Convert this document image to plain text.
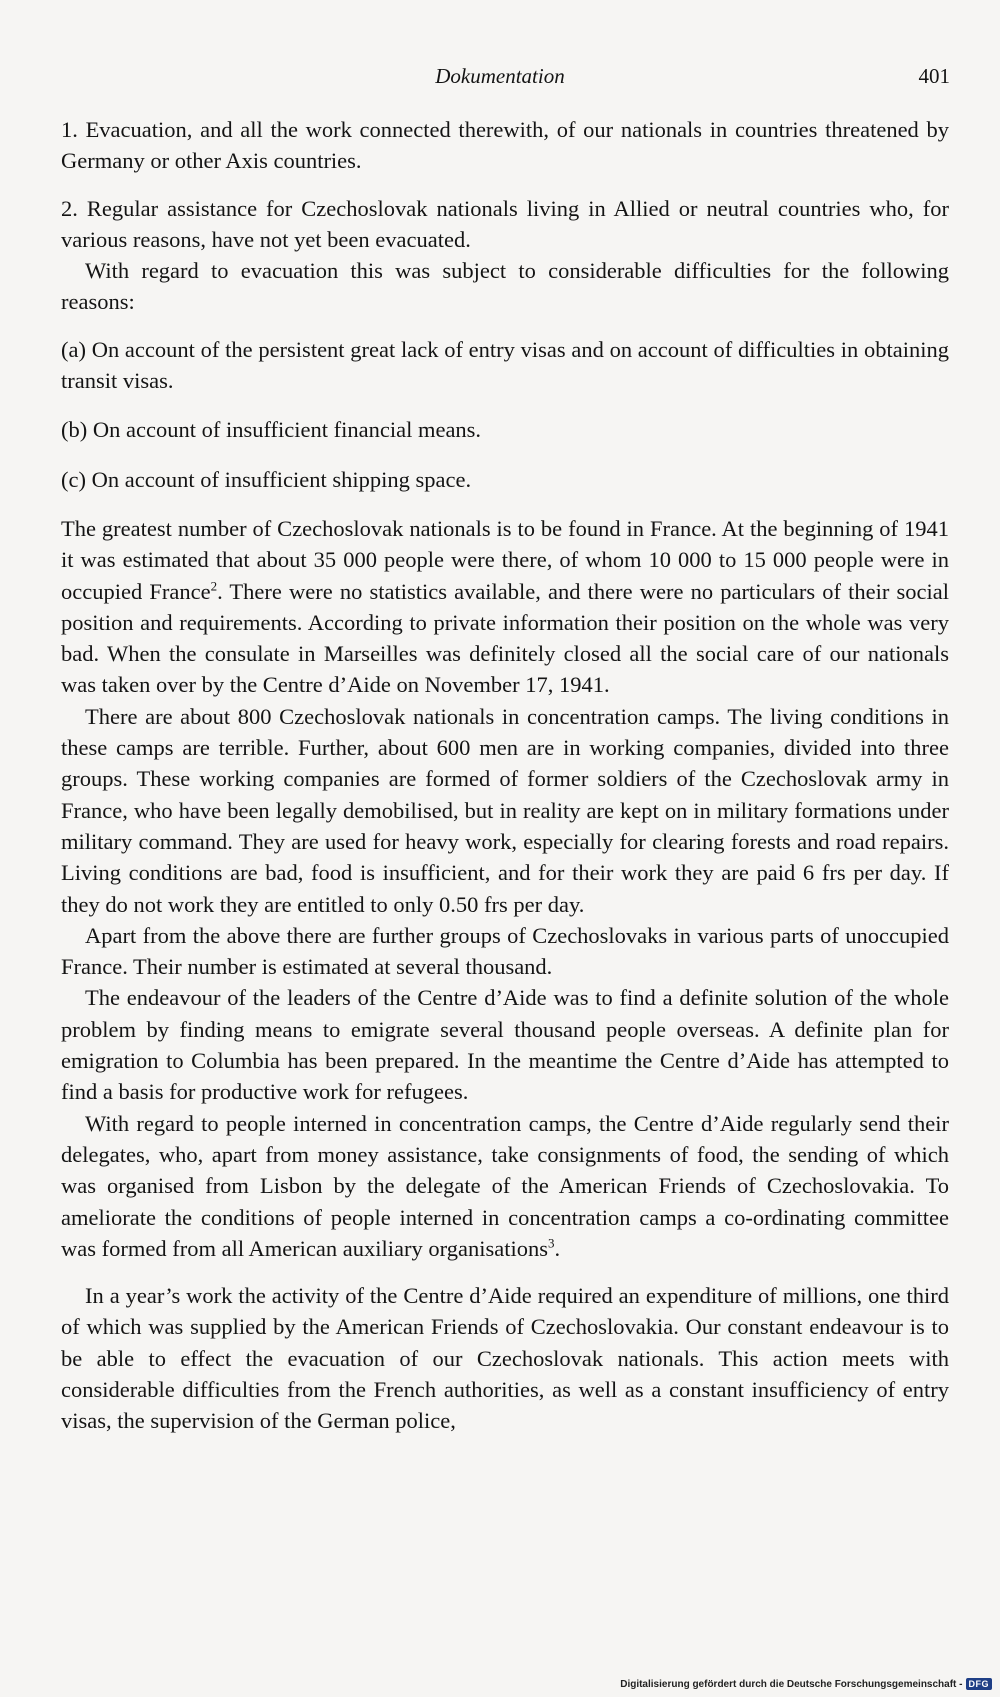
Dokumentation	401

1. Evacuation, and all the work connected therewith, of our nationals in countries threatened by Germany or other Axis countries.

2. Regular assistance for Czechoslovak nationals living in Allied or neutral countries who, for various reasons, have not yet been evacuated.

With regard to evacuation this was subject to considerable difficulties for the following reasons:

(a) On account of the persistent great lack of entry visas and on account of difficulties in obtaining transit visas.

(b) On account of insufficient financial means.

(c) On account of insufficient shipping space.

The greatest number of Czechoslovak nationals is to be found in France. At the beginning of 1941 it was estimated that about 35 000 people were there, of whom 10 000 to 15 000 people were in occupied France$^2$. There were no statistics available, and there were no particulars of their social position and requirements. According to private information their position on the whole was very bad. When the consulate in Marseilles was definitely closed all the social care of our nationals was taken over by the Centre d’Aide on November 17, 1941.

There are about 800 Czechoslovak nationals in concentration camps. The living conditions in these camps are terrible. Further, about 600 men are in working companies, divided into three groups. These working companies are formed of former soldiers of the Czechoslovak army in France, who have been legally demobilised, but in reality are kept on in military formations under military command. They are used for heavy work, especially for clearing forests and road repairs. Living conditions are bad, food is insufficient, and for their work they are paid 6 frs per day. If they do not work they are entitled to only 0.50 frs per day.

Apart from the above there are further groups of Czechoslovaks in various parts of unoccupied France. Their number is estimated at several thousand.

The endeavour of the leaders of the Centre d’Aide was to find a definite solution of the whole problem by finding means to emigrate several thousand people overseas. A definite plan for emigration to Columbia has been prepared. In the meantime the Centre d’Aide has attempted to find a basis for productive work for refugees.

With regard to people interned in concentration camps, the Centre d’Aide regularly send their delegates, who, apart from money assistance, take consignments of food, the sending of which was organised from Lisbon by the delegate of the American Friends of Czechoslovakia. To ameliorate the conditions of people interned in concentration camps a co-ordinating committee was formed from all American auxiliary organisations$^3$.

In a year’s work the activity of the Centre d’Aide required an expenditure of millions, one third of which was supplied by the American Friends of Czechoslovakia. Our constant endeavour is to be able to effect the evacuation of our Czechoslovak nationals. This action meets with considerable difficulties from the French authorities, as well as a constant insufficiency of entry visas, the supervision of the German police,

Digitalisierung gefördert durch die Deutsche Forschungsgemeinschaft - DFG
